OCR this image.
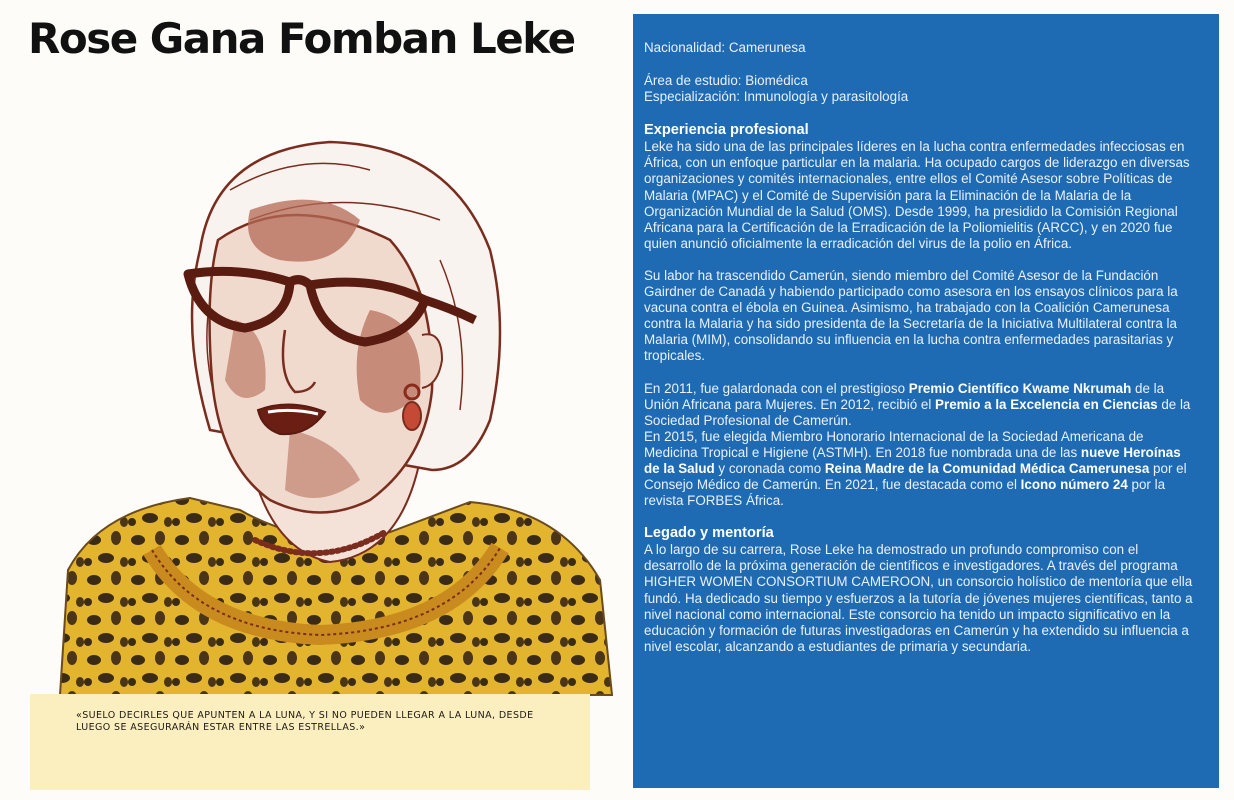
Rose Gana Fomban Leke

«SUELO DECIRLES QUE APUNTEN A LA LUNA, Y SI NO PUEDEN LLEGAR A LA LUNA, DESDE LUEGO SE ASEGURARÁN ESTAR ENTRE LAS ESTRELLAS.»

Nacionalidad: Camerunesa

Área de estudio: Biomédica

Especialización: Inmunología y parasitología

Experiencia profesional

Leke ha sido una de las principales líderes en la lucha contra enfermedades infecciosas en África, con un enfoque particular en la malaria. Ha ocupado cargos de liderazgo en diversas organizaciones y comités internacionales, entre ellos el Comité Asesor sobre Políticas de Malaria (MPAC) y el Comité de Supervisión para la Eliminación de la Malaria de la Organización Mundial de la Salud (OMS). Desde 1999, ha presidido la Comisión Regional Africana para la Certificación de la Erradicación de la Poliomielitis (ARCC), y en 2020 fue quien anunció oficialmente la erradicación del virus de la polio en África.

Su labor ha trascendido Camerún, siendo miembro del Comité Asesor de la Fundación Gairdner de Canadá y habiendo participado como asesora en los ensayos clínicos para la vacuna contra el ébola en Guinea. Asimismo, ha trabajado con la Coalición Camerunesa contra la Malaria y ha sido presidenta de la Secretaría de la Iniciativa Multilateral contra la Malaria (MIM), consolidando su influencia en la lucha contra enfermedades parasitarias y tropicales.

En 2011, fue galardonada con el prestigioso Premio Científico Kwame Nkrumah de la Unión Africana para Mujeres. En 2012, recibió el Premio a la Excelencia en Ciencias de la Sociedad Profesional de Camerún.

En 2015, fue elegida Miembro Honorario Internacional de la Sociedad Americana de Medicina Tropical e Higiene (ASTMH). En 2018 fue nombrada una de las nueve Heroínas de la Salud y coronada como Reina Madre de la Comunidad Médica Camerunesa por el Consejo Médico de Camerún. En 2021, fue destacada como el Icono número 24 por la revista FORBES África.

Legado y mentoría

A lo largo de su carrera, Rose Leke ha demostrado un profundo compromiso con el desarrollo de la próxima generación de científicos e investigadores. A través del programa HIGHER WOMEN CONSORTIUM CAMEROON, un consorcio holístico de mentoría que ella fundó. Ha dedicado su tiempo y esfuerzos a la tutoría de jóvenes mujeres científicas, tanto a nivel nacional como internacional. Este consorcio ha tenido un impacto significativo en la educación y formación de futuras investigadoras en Camerún y ha extendido su influencia a nivel escolar, alcanzando a estudiantes de primaria y secundaria.
